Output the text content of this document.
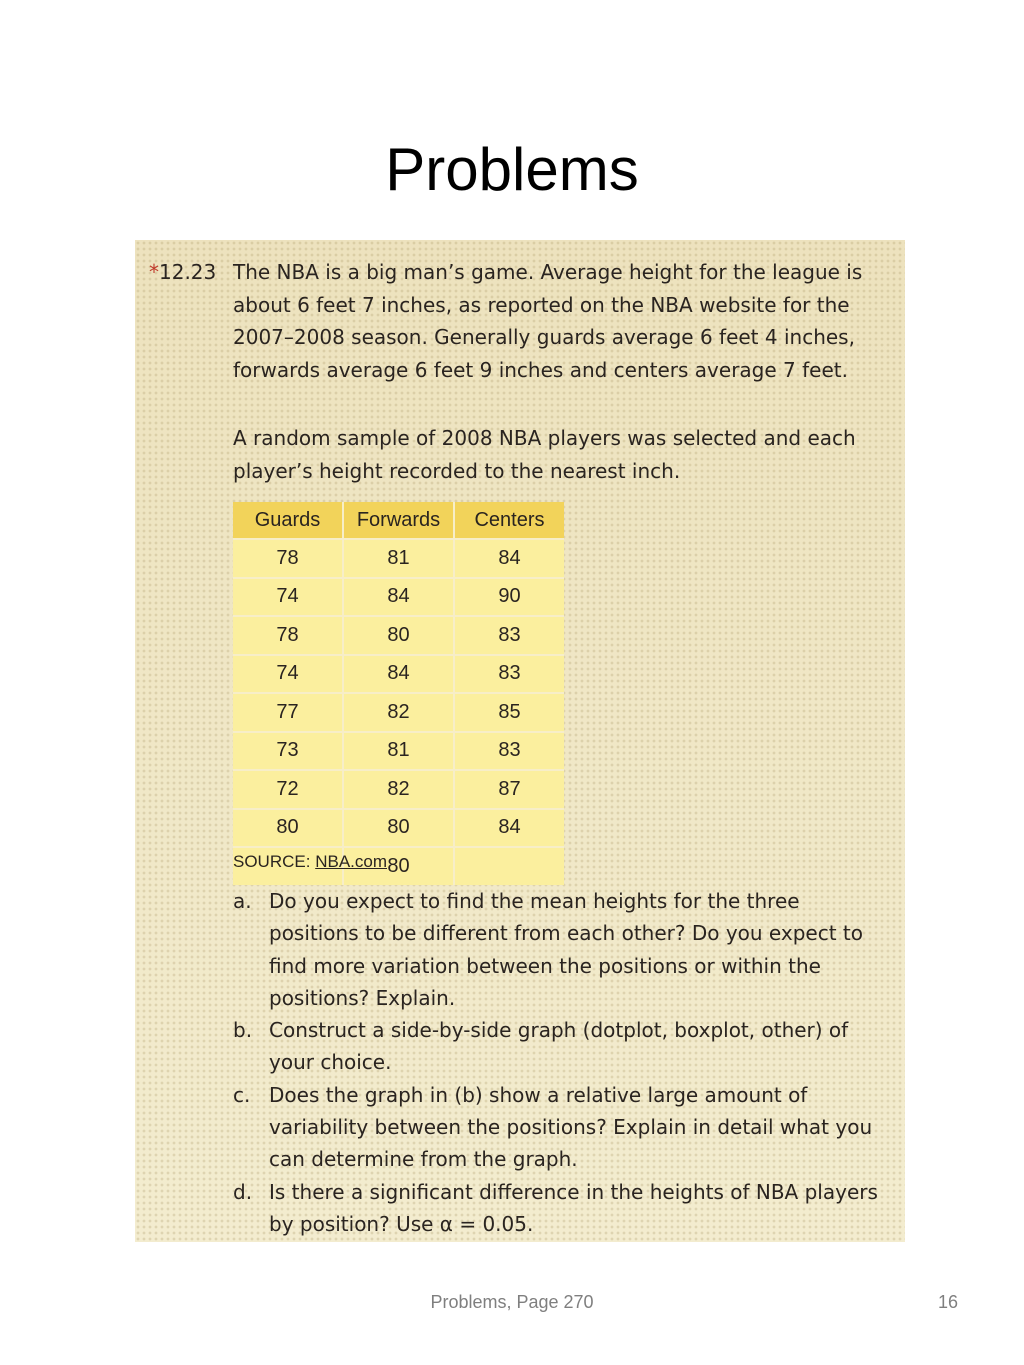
Problems
*12.23 The NBA is a big man’s game. Average height for the league is about 6 feet 7 inches, as reported on the NBA website for the 2007–2008 season. Generally guards average 6 feet 4 inches, forwards average 6 feet 9 inches and centers average 7 feet.
A random sample of 2008 NBA players was selected and each player’s height recorded to the nearest inch.
Guards	Forwards	Centers
78	81	84
74	84	90
78	80	83
74	84	83
77	82	85
73	81	83
72	82	87
80	80	84
	80	
SOURCE: NBA.com
a. Do you expect to find the mean heights for the three positions to be different from each other? Do you expect to find more variation between the positions or within the positions? Explain.
b. Construct a side-by-side graph (dotplot, boxplot, other) of your choice.
c. Does the graph in (b) show a relative large amount of variability between the positions? Explain in detail what you can determine from the graph.
d. Is there a significant difference in the heights of NBA players by position? Use α = 0.05.
Problems, Page 270	16
